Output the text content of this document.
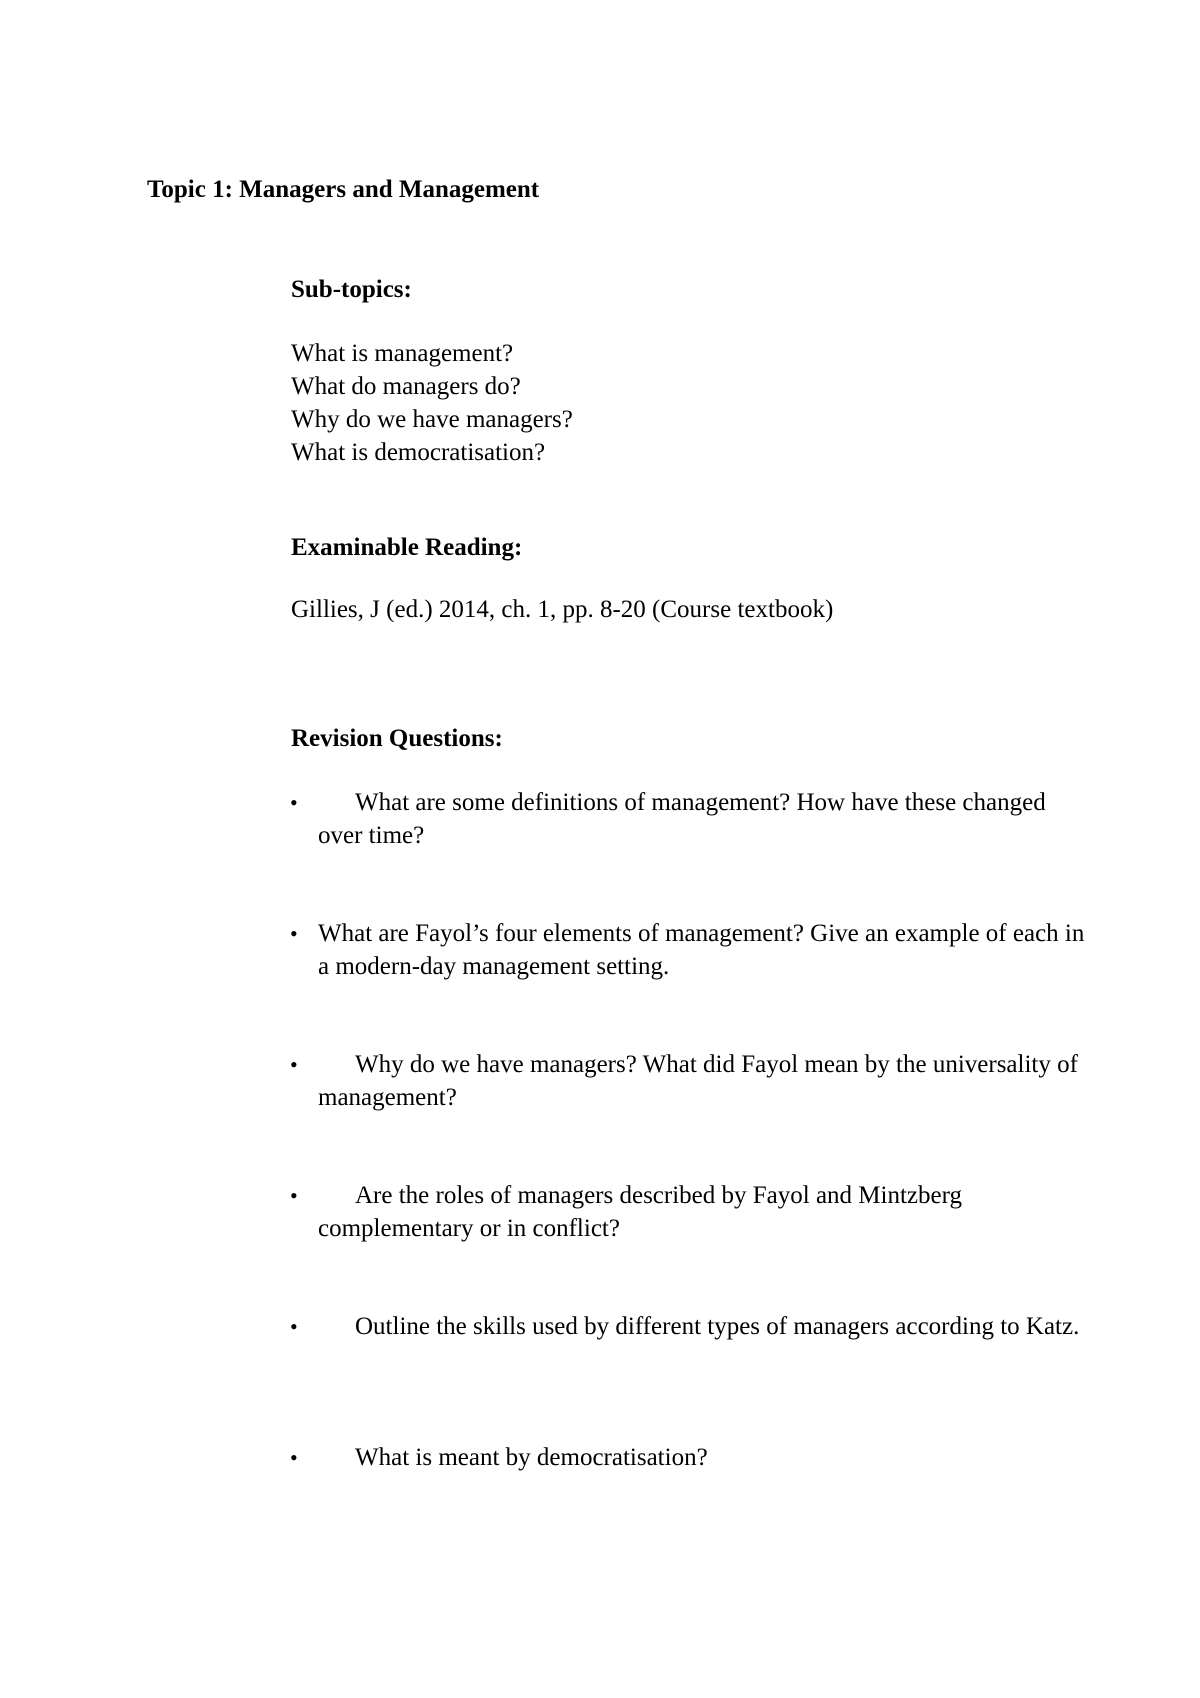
Topic 1: Managers and Management
Sub-topics:
What is management?
What do managers do?
Why do we have managers?
What is democratisation?
Examinable Reading:
Gillies, J (ed.) 2014, ch. 1, pp. 8-20 (Course textbook)
Revision Questions:
•	What are some definitions of management? How have these changed over time?
• What are Fayol’s four elements of management? Give an example of each in a modern-day management setting.
•	Why do we have managers? What did Fayol mean by the universality of management?
•	Are the roles of managers described by Fayol and Mintzberg complementary or in conflict?
•	Outline the skills used by different types of managers according to Katz.
•	What is meant by democratisation?
